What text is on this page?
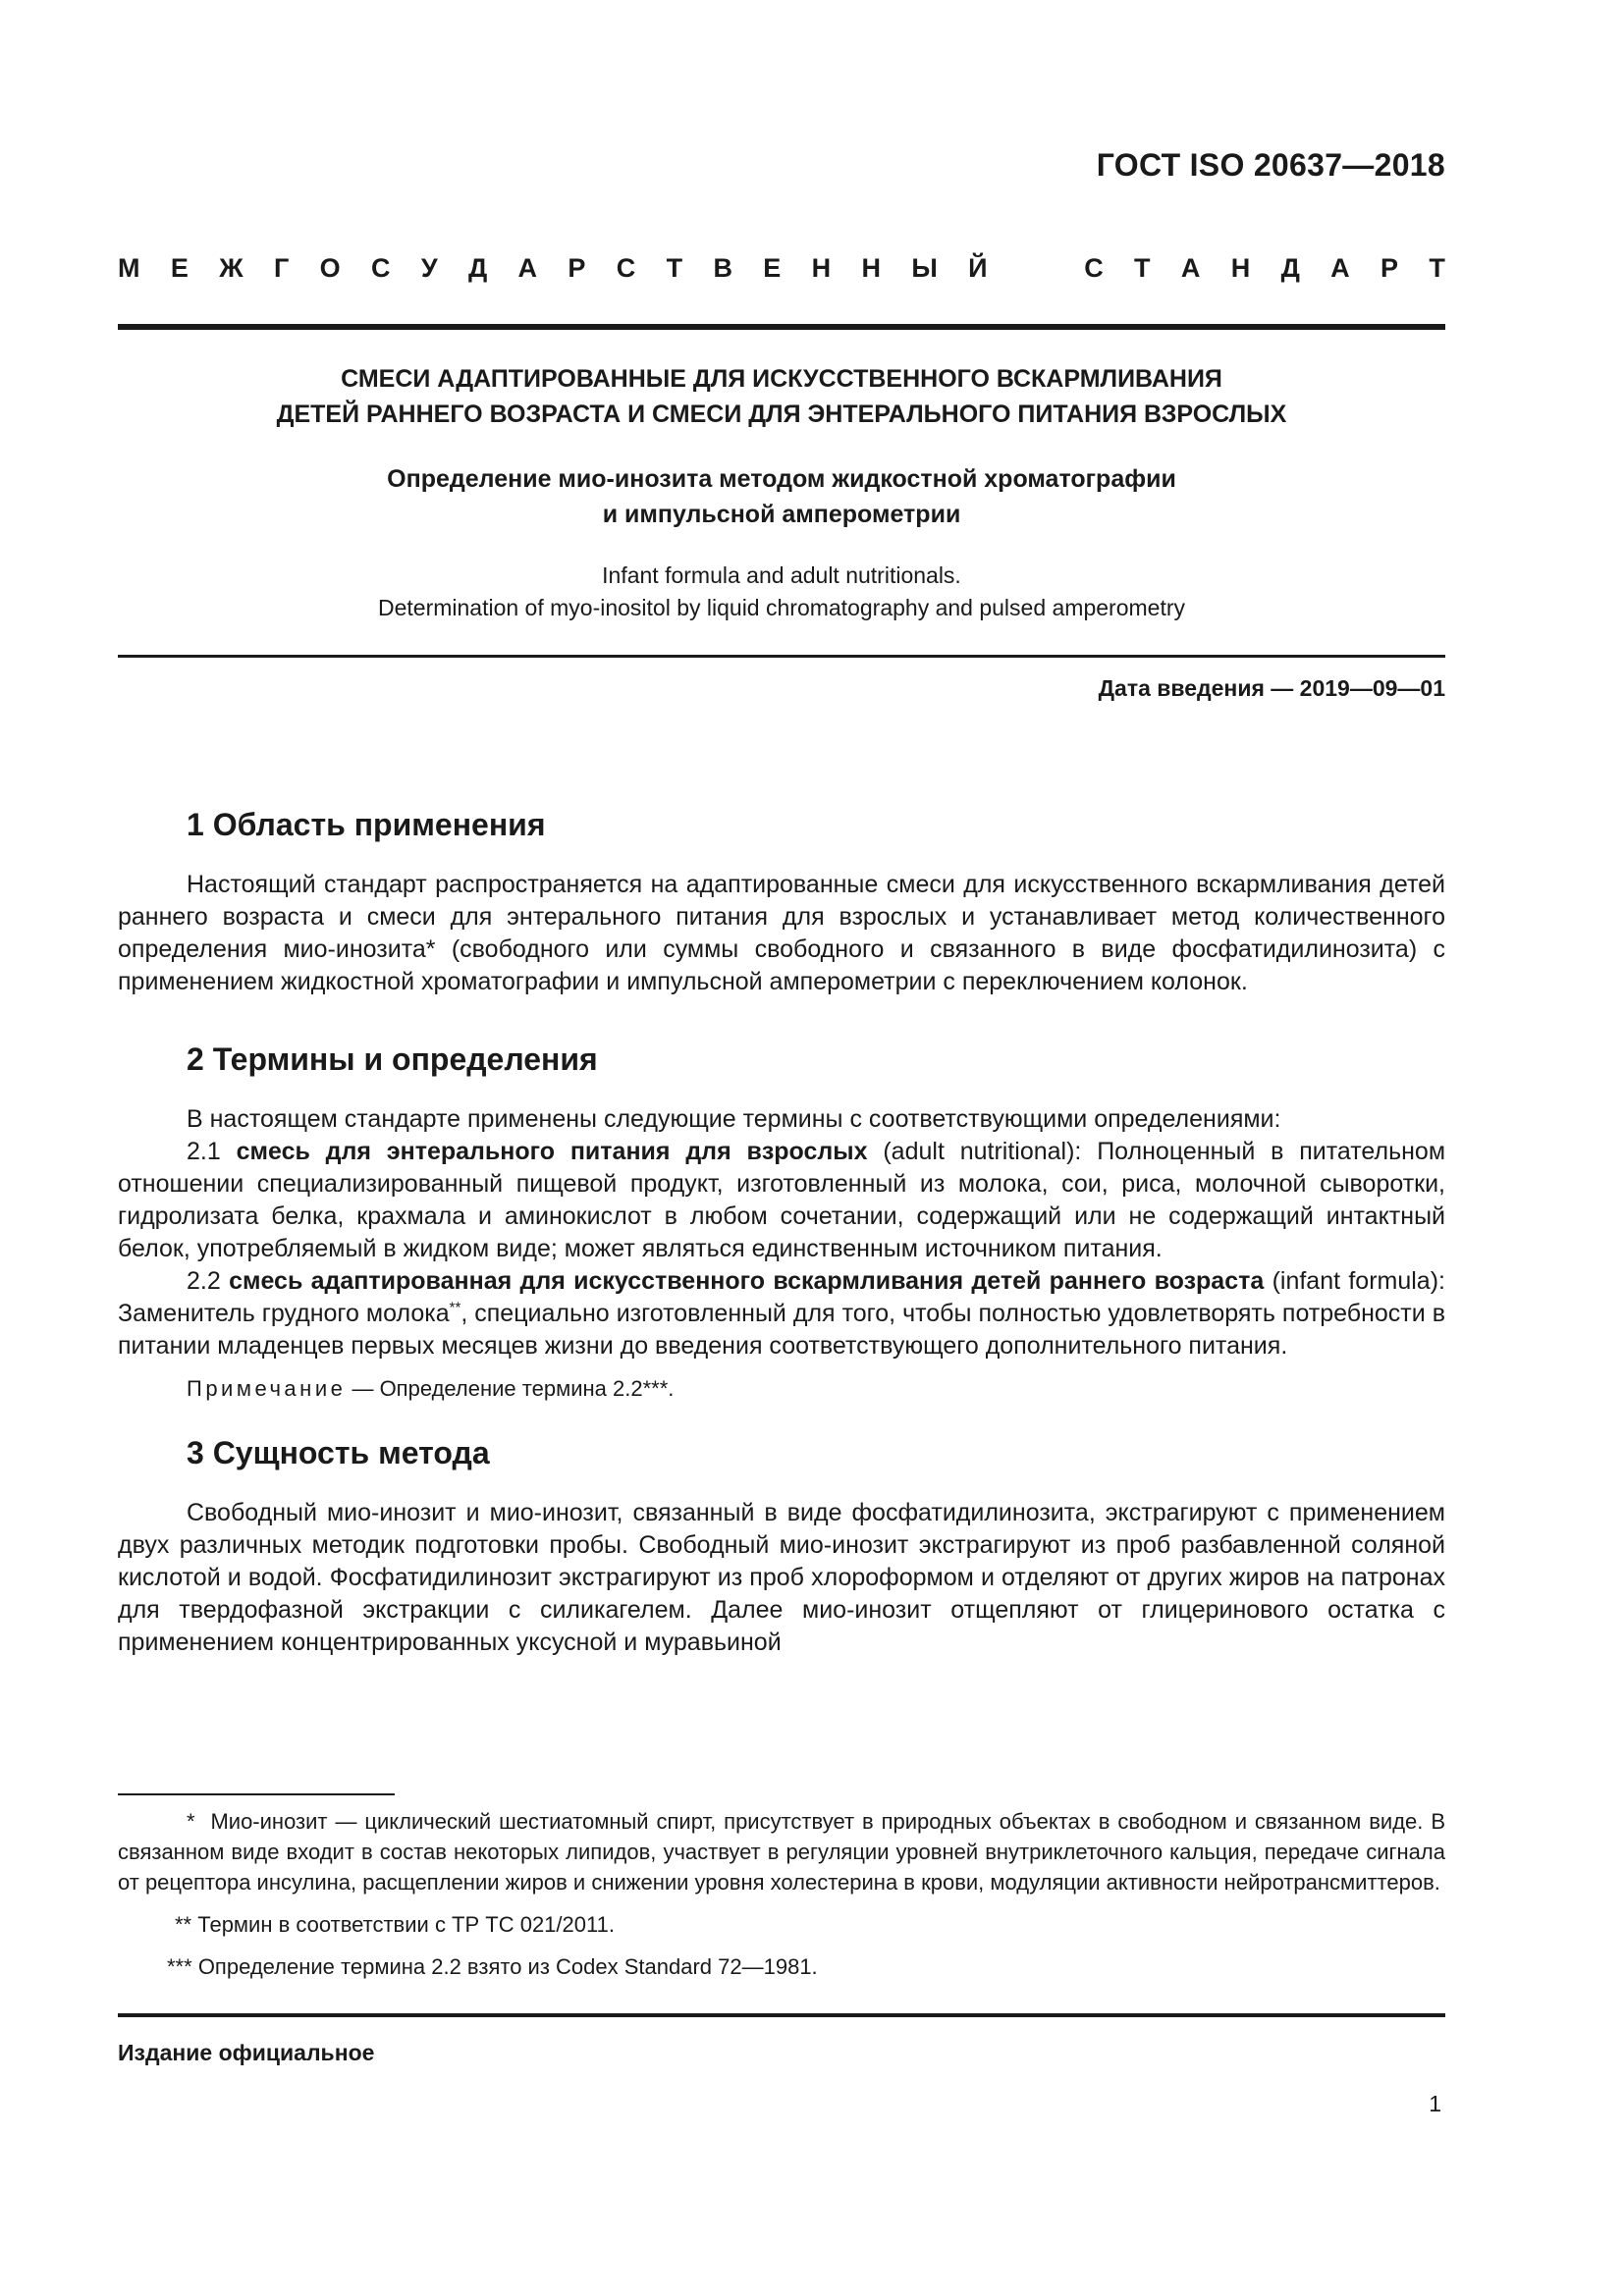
ГОСТ ISO 20637—2018
М Е Ж Г О С У Д А Р С Т В Е Н Н Ы Й	С Т А Н Д А Р Т

СМЕСИ АДАПТИРОВАННЫЕ ДЛЯ ИСКУССТВЕННОГО ВСКАРМЛИВАНИЯ
ДЕТЕЙ РАННЕГО ВОЗРАСТА И СМЕСИ ДЛЯ ЭНТЕРАЛЬНОГО ПИТАНИЯ ВЗРОСЛЫХ

Определение мио-инозита методом жидкостной хроматографии
и импульсной амперометрии

Infant formula and adult nutritionals.
Determination of myo-inositol by liquid chromatography and pulsed amperometry

Дата введения — 2019—09—01
1 Область применения

Настоящий стандарт распространяется на адаптированные смеси для искусственного вскармливания детей раннего возраста и смеси для энтерального питания для взрослых и устанавливает метод количественного определения мио-инозита* (свободного или суммы свободного и связанного в виде фосфатидилинозита) с применением жидкостной хроматографии и импульсной амперометрии с переключением колонок.

2 Термины и определения

В настоящем стандарте применены следующие термины с соответствующими определениями:

2.1 смесь для энтерального питания для взрослых (adult nutritional): Полноценный в питательном отношении специализированный пищевой продукт, изготовленный из молока, сои, риса, молочной сыворотки, гидролизата белка, крахмала и аминокислот в любом сочетании, содержащий или не содержащий интактный белок, употребляемый в жидком виде; может являться единственным источником питания.

2.2 смесь адаптированная для искусственного вскармливания детей раннего возраста (infant formula): Заменитель грудного молока**, специально изготовленный для того, чтобы полностью удовлетворять потребности в питании младенцев первых месяцев жизни до введения соответствующего дополнительного питания.

Примечание — Определение термина 2.2***.

3 Сущность метода

Свободный мио-инозит и мио-инозит, связанный в виде фосфатидилинозита, экстрагируют с применением двух различных методик подготовки пробы. Свободный мио-инозит экстрагируют из проб разбавленной соляной кислотой и водой. Фосфатидилинозит экстрагируют из проб хлороформом и отделяют от других жиров на патронах для твердофазной экстракции с силикагелем. Далее мио-инозит отщепляют от глицеринового остатка с применением концентрированных уксусной и муравьиной

* Мио-инозит — циклический шестиатомный спирт, присутствует в природных объектах в свободном и связанном виде. В связанном виде входит в состав некоторых липидов, участвует в регуляции уровней внутриклеточного кальция, передаче сигнала от рецептора инсулина, расщеплении жиров и снижении уровня холестерина в крови, модуляции активности нейротрансмиттеров.

** Термин в соответствии с ТР ТС 021/2011.

*** Определение термина 2.2 взято из Codex Standard 72—1981.

Издание официальное
1
